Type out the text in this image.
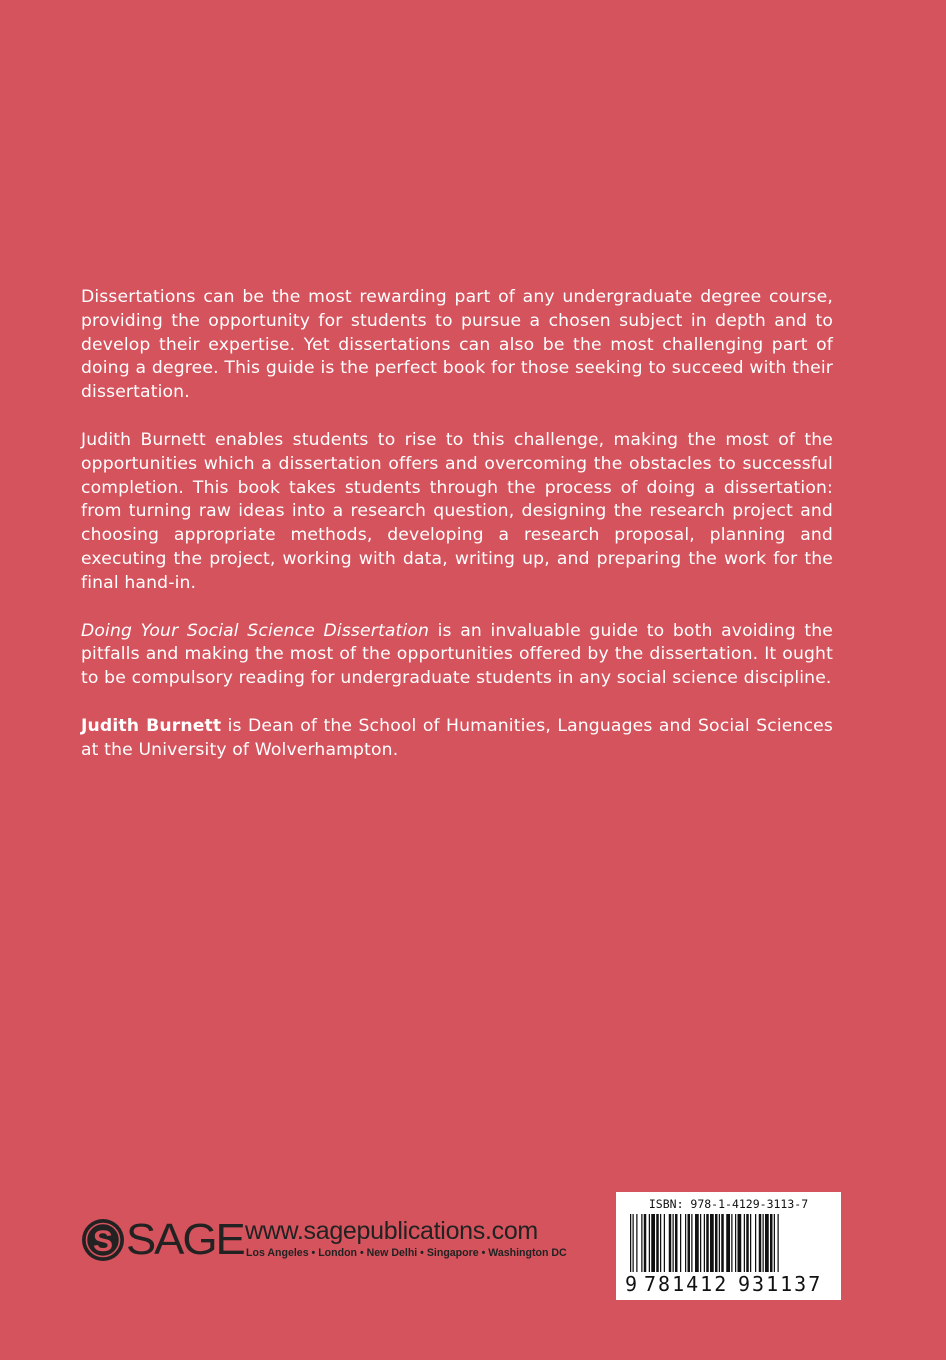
Dissertations can be the most rewarding part of any undergraduate degree course, providing the opportunity for students to pursue a chosen subject in depth and to develop their expertise. Yet dissertations can also be the most challenging part of doing a degree. This guide is the perfect book for those seeking to succeed with their dissertation.

Judith Burnett enables students to rise to this challenge, making the most of the opportunities which a dissertation offers and overcoming the obstacles to successful completion. This book takes students through the process of doing a dissertation: from turning raw ideas into a research question, designing the research project and choosing appropriate methods, developing a research proposal, planning and executing the project, working with data, writing up, and preparing the work for the final hand-in.

Doing Your Social Science Dissertation is an invaluable guide to both avoiding the pitfalls and making the most of the opportunities offered by the dissertation. It ought to be compulsory reading for undergraduate students in any social science discipline.

Judith Burnett is Dean of the School of Humanities, Languages and Social Sciences at the University of Wolverhampton.

S SAGE www.sagepublications.com
Los Angeles • London • New Delhi • Singapore • Washington DC
ISBN: 978-1-4129-3113-7
9 781412 931137
